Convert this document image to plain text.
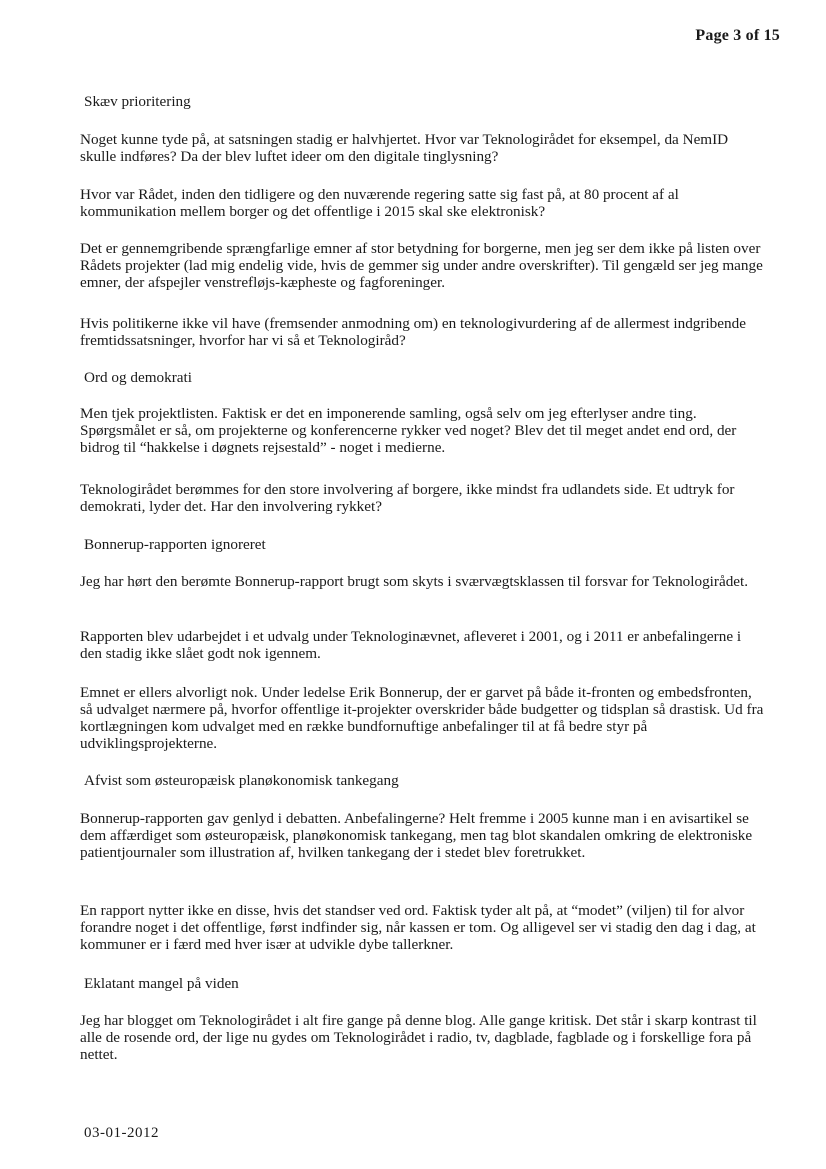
Page 3 of 15
Skæv prioritering
Noget kunne tyde på, at satsningen stadig er halvhjertet. Hvor var Teknologirådet for eksempel, da NemID skulle indføres? Da der blev luftet ideer om den digitale tinglysning?
Hvor var Rådet, inden den tidligere og den nuværende regering satte sig fast på, at 80 procent af al kommunikation mellem borger og det offentlige i 2015 skal ske elektronisk?
Det er gennemgribende sprængfarlige emner af stor betydning for borgerne, men jeg ser dem ikke på listen over Rådets projekter (lad mig endelig vide, hvis de gemmer sig under andre overskrifter). Til gengæld ser jeg mange emner, der afspejler venstrefløjs-kæpheste og fagforeninger.
Hvis politikerne ikke vil have (fremsender anmodning om) en teknologivurdering af de allermest indgribende fremtidssatsninger, hvorfor har vi så et Teknologiråd?
Ord og demokrati
Men tjek projektlisten. Faktisk er det en imponerende samling, også selv om jeg efterlyser andre ting. Spørgsmålet er så, om projekterne og konferencerne rykker ved noget? Blev det til meget andet end ord, der bidrog til “hakkelse i døgnets rejsestald” - noget i medierne.
Teknologirådet berømmes for den store involvering af borgere, ikke mindst fra udlandets side. Et udtryk for demokrati, lyder det. Har den involvering rykket?
Bonnerup-rapporten ignoreret
Jeg har hørt den berømte Bonnerup-rapport brugt som skyts i sværvægtsklassen til forsvar for Teknologirådet.
Rapporten blev udarbejdet i et udvalg under Teknologinævnet, afleveret i 2001, og i 2011 er anbefalingerne i den stadig ikke slået godt nok igennem.
Emnet er ellers alvorligt nok. Under ledelse Erik Bonnerup, der er garvet på både it-fronten og embedsfronten, så udvalget nærmere på, hvorfor offentlige it-projekter overskrider både budgetter og tidsplan så drastisk. Ud fra kortlægningen kom udvalget med en række bundfornuftige anbefalinger til at få bedre styr på udviklingsprojekterne.
Afvist som østeuropæisk planøkonomisk tankegang
Bonnerup-rapporten gav genlyd i debatten. Anbefalingerne? Helt fremme i 2005 kunne man i en avisartikel se dem affærdiget som østeuropæisk, planøkonomisk tankegang, men tag blot skandalen omkring de elektroniske patientjournaler som illustration af, hvilken tankegang der i stedet blev foretrukket.
En rapport nytter ikke en disse, hvis det standser ved ord. Faktisk tyder alt på, at “modet” (viljen) til for alvor forandre noget i det offentlige, først indfinder sig, når kassen er tom. Og alligevel ser vi stadig den dag i dag, at kommuner er i færd med hver især at udvikle dybe tallerkner.
Eklatant mangel på viden
Jeg har blogget om Teknologirådet i alt fire gange på denne blog. Alle gange kritisk. Det står i skarp kontrast til alle de rosende ord, der lige nu gydes om Teknologirådet i radio, tv, dagblade, fagblade og i forskellige fora på nettet.
03-01-2012
